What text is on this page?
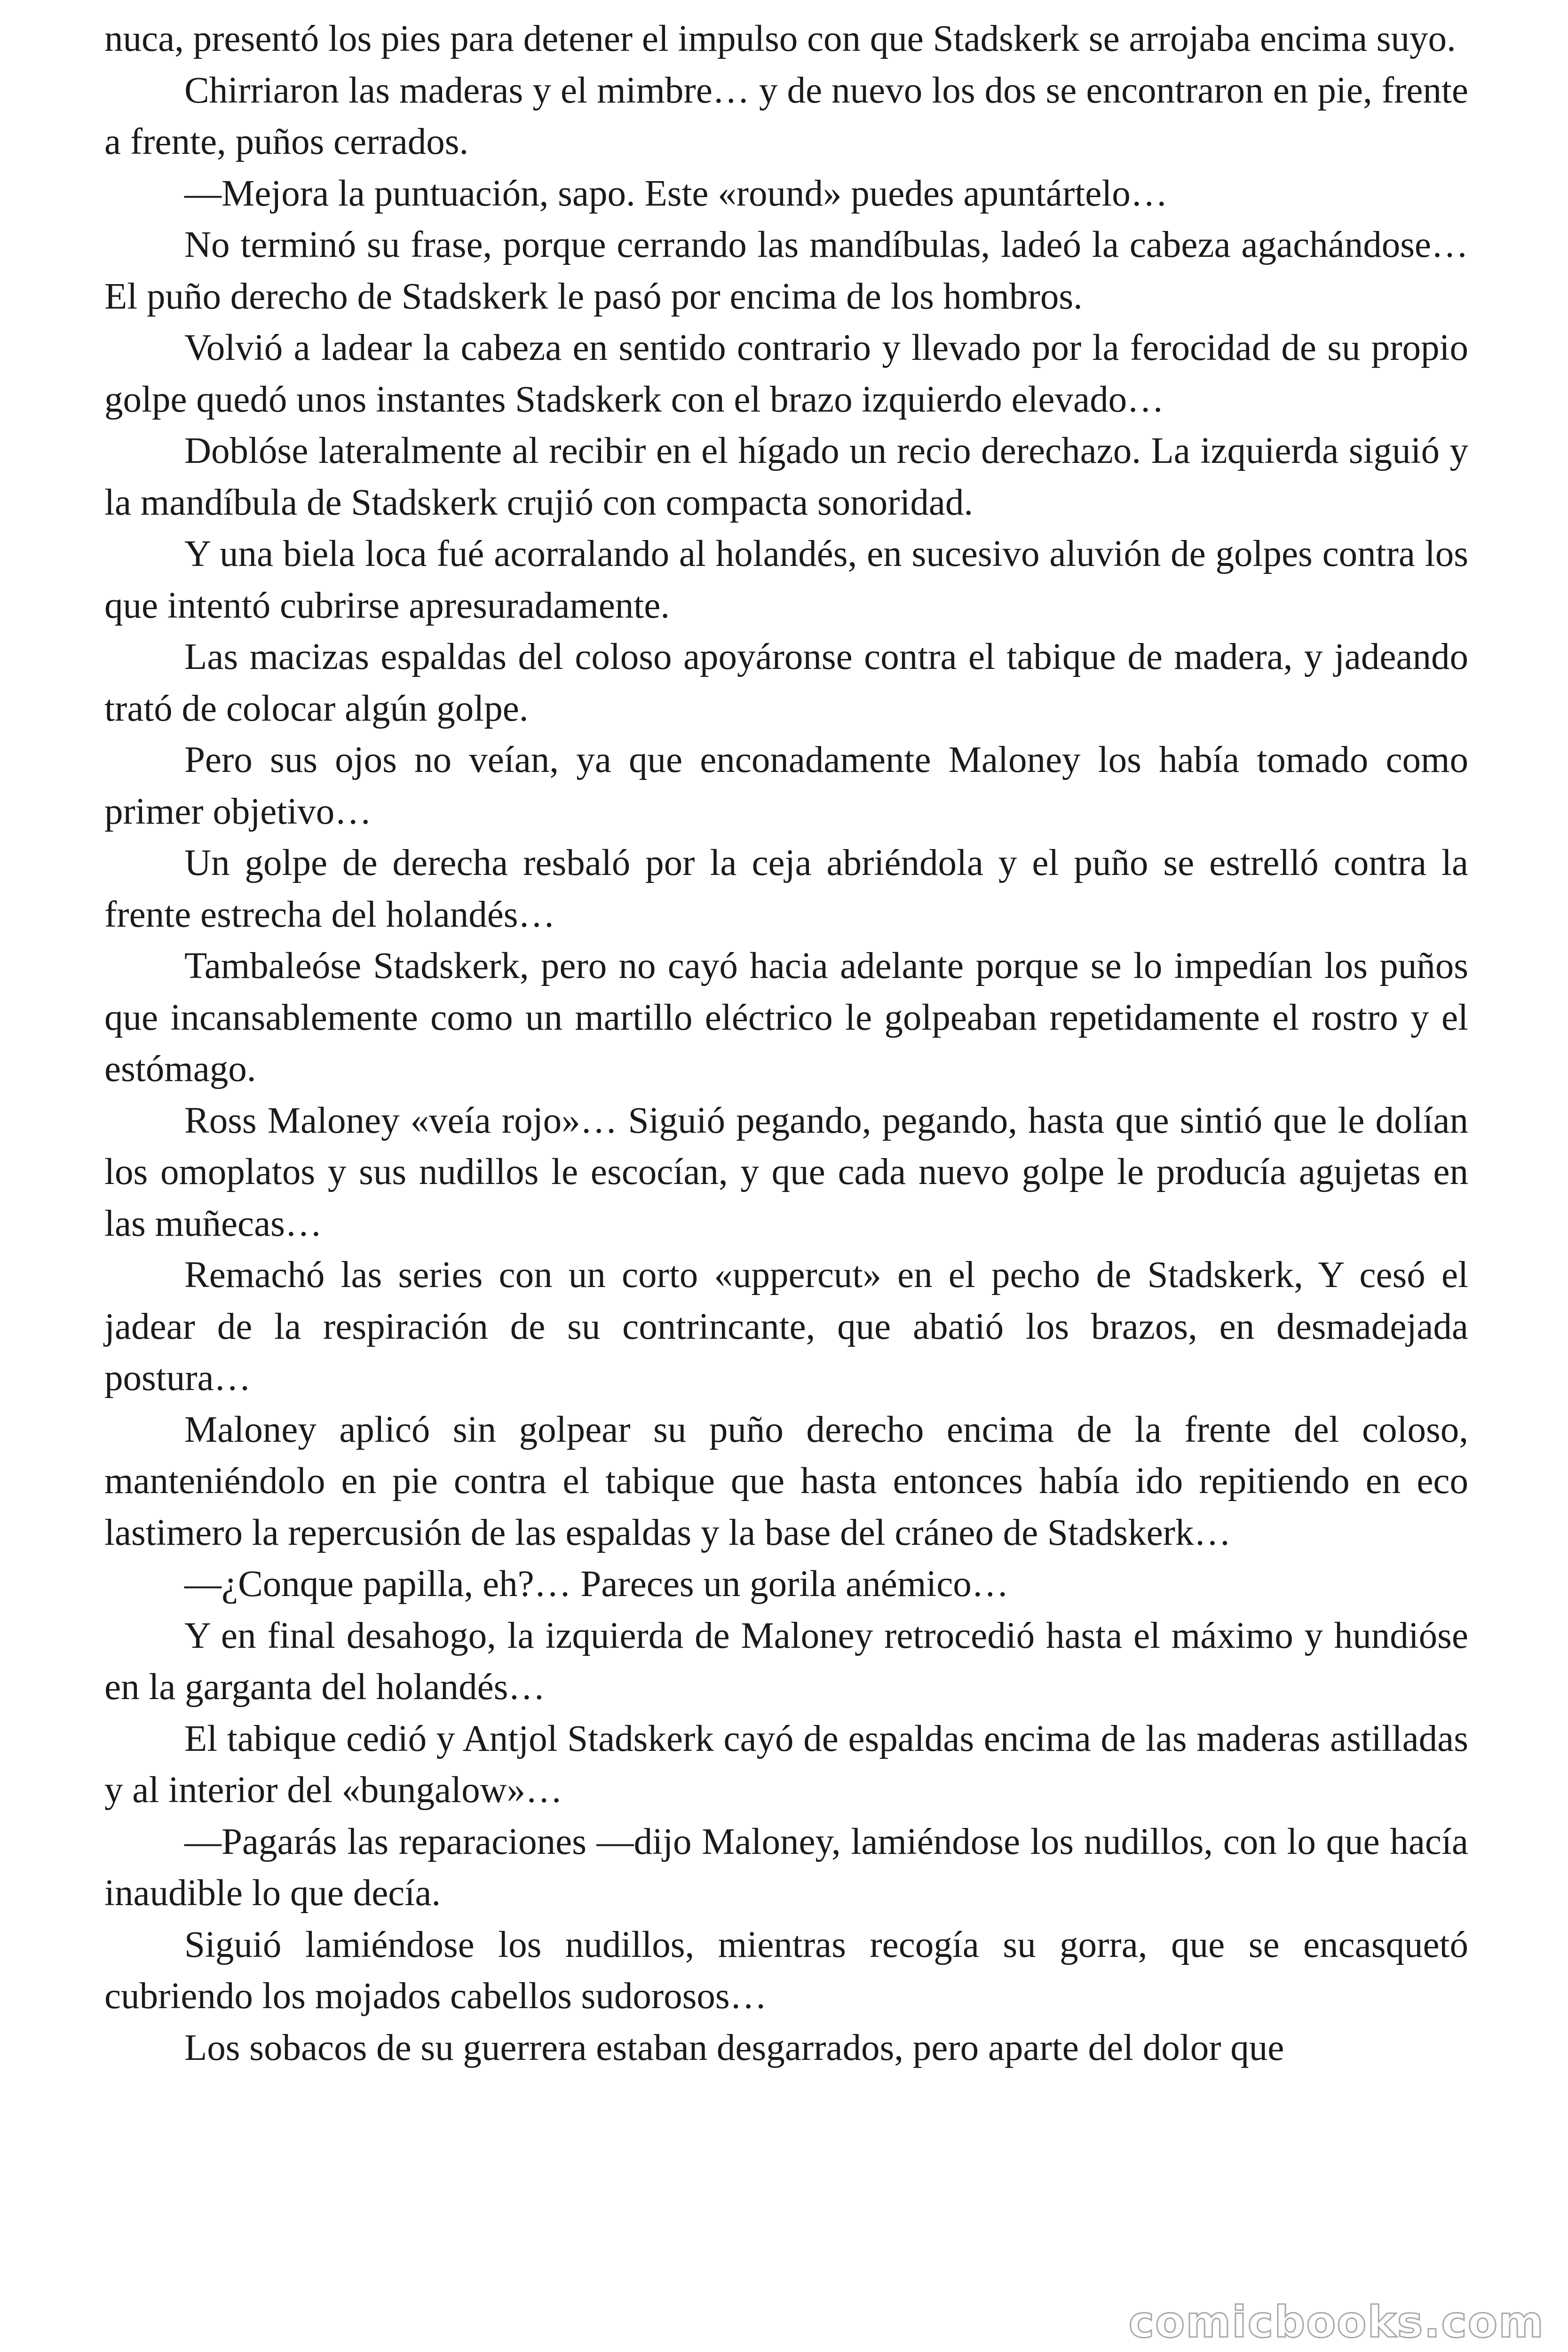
nuca, presentó los pies para detener el impulso con que Stadskerk se arrojaba encima suyo.

Chirriaron las maderas y el mimbre… y de nuevo los dos se encontraron en pie, frente a frente, puños cerrados.

—Mejora la puntuación, sapo. Este «round» puedes apuntártelo…

No terminó su frase, porque cerrando las mandíbulas, ladeó la cabeza agachándose… El puño derecho de Stadskerk le pasó por encima de los hombros.

Volvió a ladear la cabeza en sentido contrario y llevado por la ferocidad de su propio golpe quedó unos instantes Stadskerk con el brazo izquierdo elevado…

Doblóse lateralmente al recibir en el hígado un recio derechazo. La izquierda siguió y la mandíbula de Stadskerk crujió con compacta sonoridad.

Y una biela loca fué acorralando al holandés, en sucesivo aluvión de golpes contra los que intentó cubrirse apresuradamente.

Las macizas espaldas del coloso apoyáronse contra el tabique de madera, y jadeando trató de colocar algún golpe.

Pero sus ojos no veían, ya que enconadamente Maloney los había tomado como primer objetivo…

Un golpe de derecha resbaló por la ceja abriéndola y el puño se estrelló contra la frente estrecha del holandés…

Tambaleóse Stadskerk, pero no cayó hacia adelante porque se lo impedían los puños que incansablemente como un martillo eléctrico le golpeaban repetidamente el rostro y el estómago.

Ross Maloney «veía rojo»… Siguió pegando, pegando, hasta que sintió que le dolían los omoplatos y sus nudillos le escocían, y que cada nuevo golpe le producía agujetas en las muñecas…

Remachó las series con un corto «uppercut» en el pecho de Stadskerk, Y cesó el jadear de la respiración de su contrincante, que abatió los brazos, en desmadejada postura…

Maloney aplicó sin golpear su puño derecho encima de la frente del coloso, manteniéndolo en pie contra el tabique que hasta entonces había ido repitiendo en eco lastimero la repercusión de las espaldas y la base del cráneo de Stadskerk…

—¿Conque papilla, eh?… Pareces un gorila anémico…

Y en final desahogo, la izquierda de Maloney retrocedió hasta el máximo y hundióse en la garganta del holandés…

El tabique cedió y Antjol Stadskerk cayó de espaldas encima de las maderas astilladas y al interior del «bungalow»…

—Pagarás las reparaciones —dijo Maloney, lamiéndose los nudillos, con lo que hacía inaudible lo que decía.

Siguió lamiéndose los nudillos, mientras recogía su gorra, que se encasquetó cubriendo los mojados cabellos sudorosos…

Los sobacos de su guerrera estaban desgarrados, pero aparte del dolor que

comicbooks.com
